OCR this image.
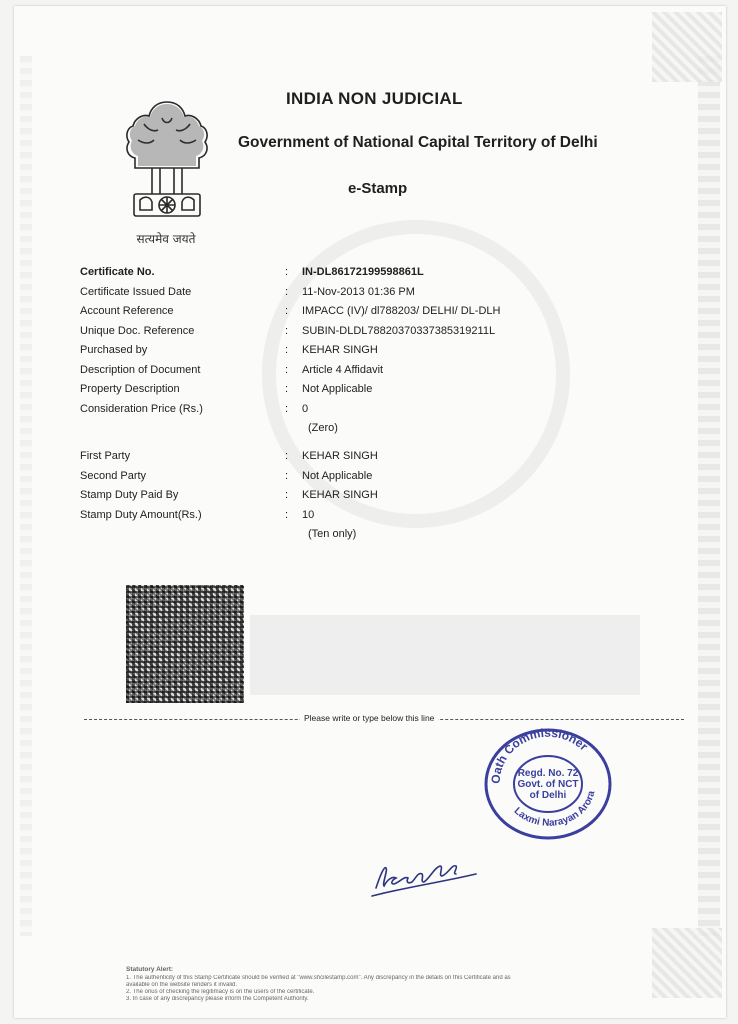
सत्यमेव जयते
INDIA NON JUDICIAL
Government of National Capital Territory of Delhi
e-Stamp
Certificate No.	: IN-DL86172199598861L
Certificate Issued Date	: 11-Nov-2013 01:36 PM
Account Reference	: IMPACC (IV)/ dl788203/ DELHI/ DL-DLH
Unique Doc. Reference	: SUBIN-DLDL78820370337385319211L
Purchased by	: KEHAR SINGH
Description of Document	: Article 4 Affidavit
Property Description	: Not Applicable
Consideration Price (Rs.)	: 0
(Zero)
First Party	: KEHAR SINGH
Second Party	: Not Applicable
Stamp Duty Paid By	: KEHAR SINGH
Stamp Duty Amount(Rs.)	: 10
(Ten only)
Please write or type below this line
Oath Commissioner
Laxmi Narayan Arora
Regd. No. 72
Govt. of NCT
of Delhi
Statutory Alert:
1. The authenticity of this Stamp Certificate should be verified at "www.shcilestamp.com". Any discrepancy in the details on this Certificate and as
available on the website renders it invalid.
2. The onus of checking the legitimacy is on the users of the certificate.
3. In case of any discrepancy please inform the Competent Authority.
